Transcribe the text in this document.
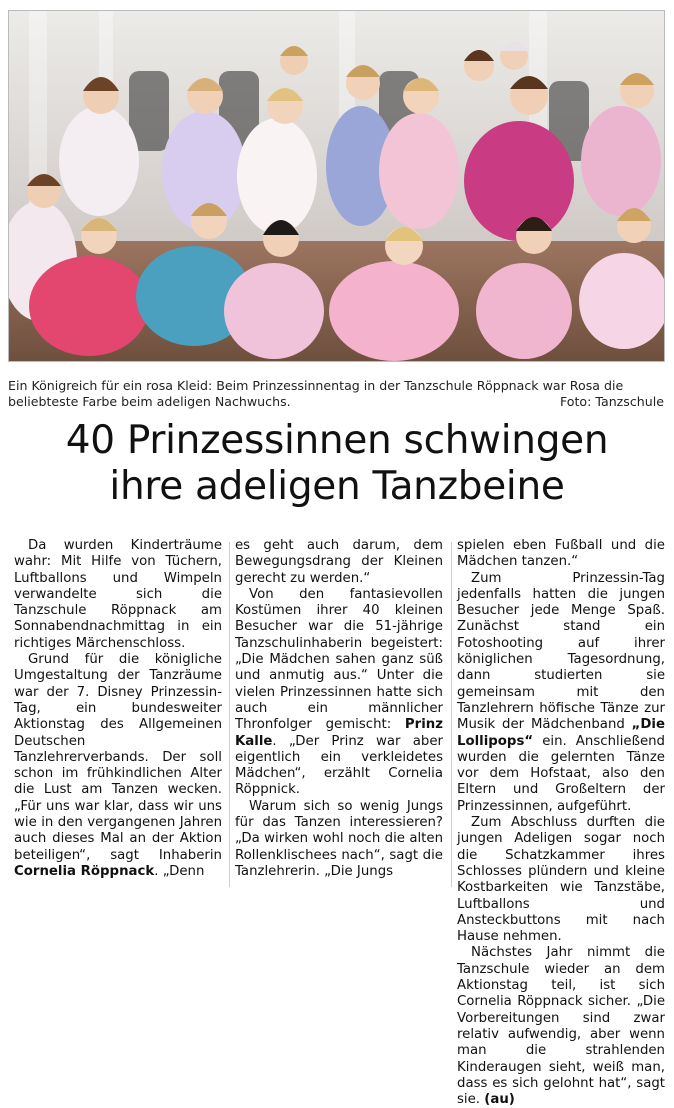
Ein Königreich für ein rosa Kleid: Beim Prinzessinnentag in der Tanzschule Röppnack war Rosa die beliebteste Farbe beim adeligen Nachwuchs.	Foto: Tanzschule
40 Prinzessinnen schwingen
ihre adeligen Tanzbeine

Da wurden Kinderträume wahr: Mit Hilfe von Tüchern, Luftballons und Wimpeln verwandelte sich die Tanzschule Röppnack am Sonnabendnachmittag in ein richtiges Märchenschloss.

Grund für die königliche Umgestaltung der Tanzräume war der 7. Disney Prinzessin-Tag, ein bundesweiter Aktionstag des Allgemeinen Deutschen Tanzlehrerverbands. Der soll schon im frühkindlichen Alter die Lust am Tanzen wecken. „Für uns war klar, dass wir uns wie in den vergangenen Jahren auch dieses Mal an der Aktion beteiligen“, sagt Inhaberin Cornelia Röppnack. „Denn

es geht auch darum, dem Bewegungsdrang der Kleinen gerecht zu werden.“

Von den fantasievollen Kostümen ihrer 40 kleinen Besucher war die 51-jährige Tanzschulinhaberin begeistert: „Die Mädchen sahen ganz süß und anmutig aus.“ Unter die vielen Prinzessinnen hatte sich auch ein männlicher Thronfolger gemischt: Prinz Kalle. „Der Prinz war aber eigentlich ein verkleidetes Mädchen“, erzählt Cornelia Röppnick.

Warum sich so wenig Jungs für das Tanzen interessieren? „Da wirken wohl noch die alten Rollenklischees nach“, sagt die Tanzlehrerin. „Die Jungs

spielen eben Fußball und die Mädchen tanzen.“

Zum Prinzessin-Tag jedenfalls hatten die jungen Besucher jede Menge Spaß. Zunächst stand ein Fotoshooting auf ihrer königlichen Tagesordnung, dann studierten sie gemeinsam mit den Tanzlehrern höfische Tänze zur Musik der Mädchenband „Die Lollipops“ ein. Anschließend wurden die gelernten Tänze vor dem Hofstaat, also den Eltern und Großeltern der Prinzessinnen, aufgeführt.

Zum Abschluss durften die jungen Adeligen sogar noch die Schatzkammer ihres Schlosses plündern und kleine Kostbarkeiten wie Tanzstäbe, Luftballons und Ansteckbuttons mit nach Hause nehmen.

Nächstes Jahr nimmt die Tanzschule wieder an dem Aktionstag teil, ist sich Cornelia Röppnack sicher. „Die Vorbereitungen sind zwar relativ aufwendig, aber wenn man die strahlenden Kinderaugen sieht, weiß man, dass es sich gelohnt hat“, sagt sie. (au)
